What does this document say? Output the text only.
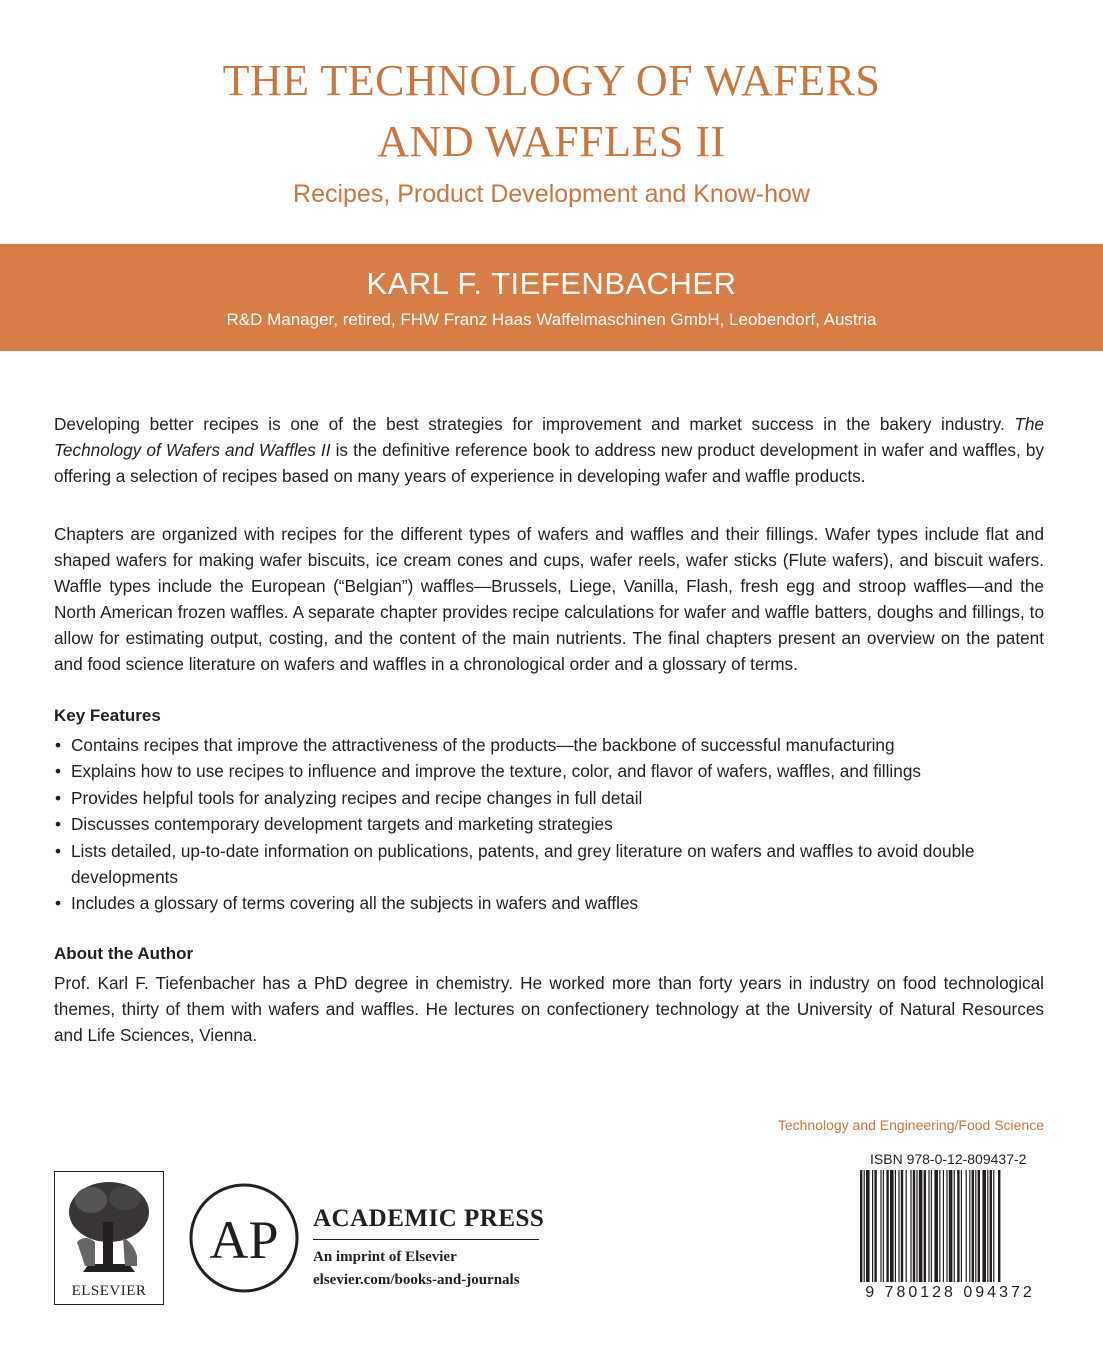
THE TECHNOLOGY OF WAFERS
AND WAFFLES II
Recipes, Product Development and Know-how
KARL F. TIEFENBACHER
R&D Manager, retired, FHW Franz Haas Waffelmaschinen GmbH, Leobendorf, Austria
Developing better recipes is one of the best strategies for improvement and market success in the bakery industry. The Technology of Wafers and Waffles II is the definitive reference book to address new product development in wafer and waffles, by offering a selection of recipes based on many years of experience in developing wafer and waffle products.
Chapters are organized with recipes for the different types of wafers and waffles and their fillings. Wafer types include flat and shaped wafers for making wafer biscuits, ice cream cones and cups, wafer reels, wafer sticks (Flute wafers), and biscuit wafers. Waffle types include the European (“Belgian”) waffles—Brussels, Liege, Vanilla, Flash, fresh egg and stroop waffles—and the North American frozen waffles. A separate chapter provides recipe calculations for wafer and waffle batters, doughs and fillings, to allow for estimating output, costing, and the content of the main nutrients. The final chapters present an overview on the patent and food science literature on wafers and waffles in a chronological order and a glossary of terms.
Key Features
• Contains recipes that improve the attractiveness of the products—the backbone of successful manufacturing
• Explains how to use recipes to influence and improve the texture, color, and flavor of wafers, waffles, and fillings
• Provides helpful tools for analyzing recipes and recipe changes in full detail
• Discusses contemporary development targets and marketing strategies
• Lists detailed, up-to-date information on publications, patents, and grey literature on wafers and waffles to avoid double developments
• Includes a glossary of terms covering all the subjects in wafers and waffles
About the Author
Prof. Karl F. Tiefenbacher has a PhD degree in chemistry. He worked more than forty years in industry on food technological themes, thirty of them with wafers and waffles. He lectures on confectionery technology at the University of Natural Resources and Life Sciences, Vienna.
Technology and Engineering/Food Science
ELSEVIER
AP ACADEMIC PRESS
An imprint of Elsevier
elsevier.com/books-and-journals
ISBN 978-0-12-809437-2
9 780128 094372
